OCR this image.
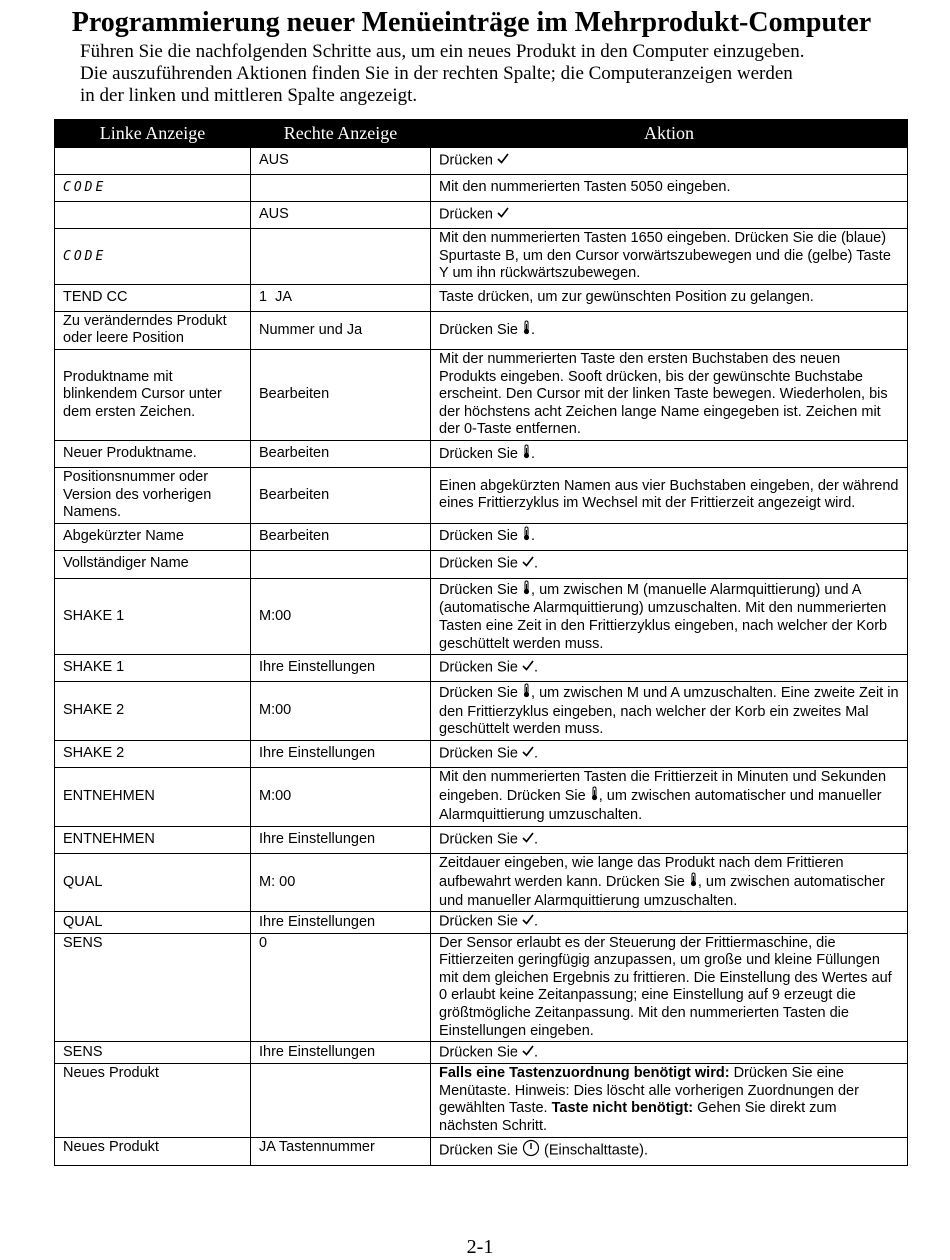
Programmierung neuer Menüeinträge im Mehrprodukt-Computer

Führen Sie die nachfolgenden Schritte aus, um ein neues Produkt in den Computer einzugeben.

Die auszuführenden Aktionen finden Sie in der rechten Spalte; die Computeranzeigen werden

in der linken und mittleren Spalte angezeigt.

Linke Anzeige	Rechte Anzeige	Aktion
	AUS	Drücken
CODE		Mit den nummerierten Tasten 5050 eingeben.
	AUS	Drücken
CODE		Mit den nummerierten Tasten 1650 eingeben. Drücken Sie die (blaue) Spurtaste B, um den Cursor vorwärtszubewegen und die (gelbe) Taste Y um ihn rückwärtszubewegen.
TEND CC	1  JA	Taste drücken, um zur gewünschten Position zu gelangen.
Zu veränderndes Produkt oder leere Position	Nummer und Ja	Drücken Sie .
Produktname mit blinkendem Cursor unter dem ersten Zeichen.	Bearbeiten	Mit der nummerierten Taste den ersten Buchstaben des neuen Produkts eingeben. Sooft drücken, bis der gewünschte Buchstabe erscheint. Den Cursor mit der linken Taste bewegen. Wiederholen, bis der höchstens acht Zeichen lange Name eingegeben ist. Zeichen mit der 0-Taste entfernen.
Neuer Produktname.	Bearbeiten	Drücken Sie .
Positionsnummer oder Version des vorherigen Namens.	Bearbeiten	Einen abgekürzten Namen aus vier Buchstaben eingeben, der während eines Frittierzyklus im Wechsel mit der Frittierzeit angezeigt wird.
Abgekürzter Name	Bearbeiten	Drücken Sie .
Vollständiger Name		Drücken Sie .
SHAKE 1	M:00	Drücken Sie , um zwischen M (manuelle Alarmquittierung) und A (automatische Alarmquittierung) umzuschalten. Mit den nummerierten Tasten eine Zeit in den Frittierzyklus eingeben, nach welcher der Korb geschüttelt werden muss.
SHAKE 1	Ihre Einstellungen	Drücken Sie .
SHAKE 2	M:00	Drücken Sie , um zwischen M und A umzuschalten. Eine zweite Zeit in den Frittierzyklus eingeben, nach welcher der Korb ein zweites Mal geschüttelt werden muss.
SHAKE 2	Ihre Einstellungen	Drücken Sie .
ENTNEHMEN	M:00	Mit den nummerierten Tasten die Frittierzeit in Minuten und Sekunden eingeben. Drücken Sie , um zwischen automatischer und manueller Alarmquittierung umzuschalten.
ENTNEHMEN	Ihre Einstellungen	Drücken Sie .
QUAL	M: 00	Zeitdauer eingeben, wie lange das Produkt nach dem Frittieren aufbewahrt werden kann. Drücken Sie , um zwischen automatischer und manueller Alarmquittierung umzuschalten.
QUAL	Ihre Einstellungen	Drücken Sie .
SENS	0	Der Sensor erlaubt es der Steuerung der Frittiermaschine, die Fittierzeiten geringfügig anzupassen, um große und kleine Füllungen mit dem gleichen Ergebnis zu frittieren. Die Einstellung des Wertes auf 0 erlaubt keine Zeitanpassung; eine Einstellung auf 9 erzeugt die größtmögliche Zeitanpassung. Mit den nummerierten Tasten die Einstellungen eingeben.
SENS	Ihre Einstellungen	Drücken Sie .
Neues Produkt		Falls eine Tastenzuordnung benötigt wird: Drücken Sie eine Menütaste. Hinweis: Dies löscht alle vorherigen Zuordnungen der gewählten Taste. Taste nicht benötigt: Gehen Sie direkt zum nächsten Schritt.
Neues Produkt	JA Tastennummer	Drücken Sie  (Einschalttaste).
2-1
